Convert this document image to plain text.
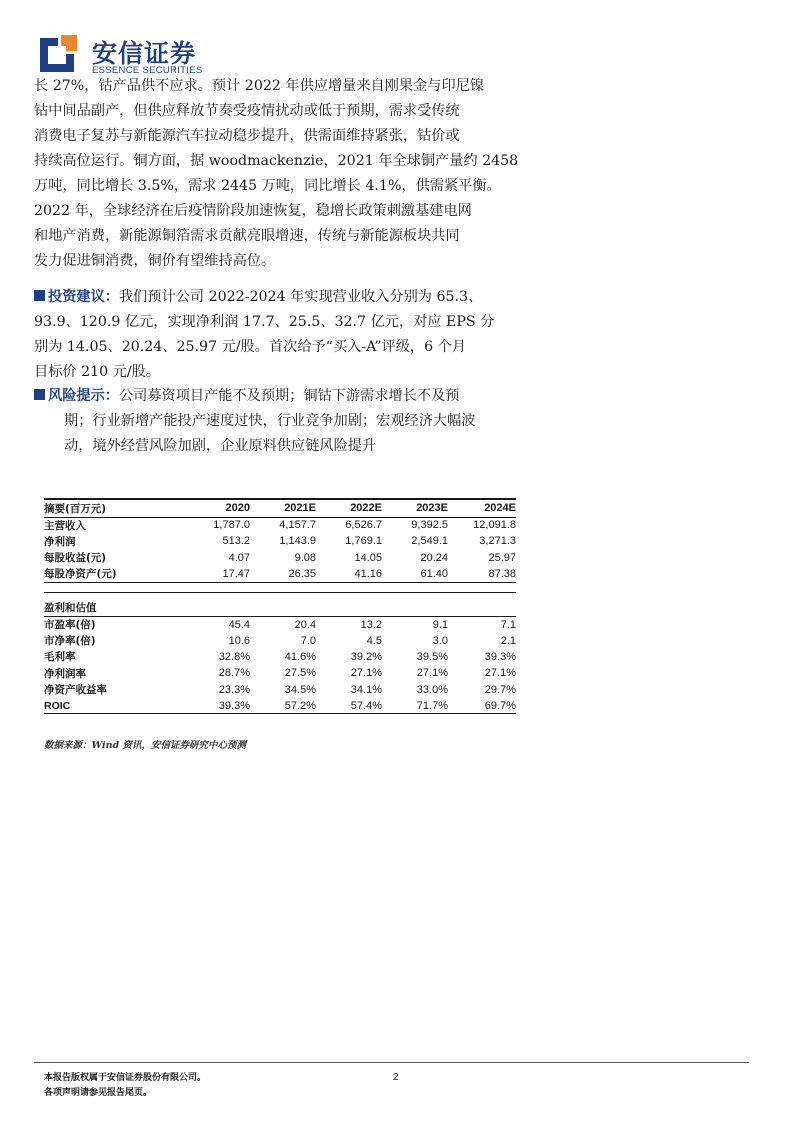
安信证券
ESSENCE SECURITIES
长 27%，钴产品供不应求。预计 2022 年供应增量来自刚果金与印尼镍
钴中间品副产，但供应释放节奏受疫情扰动或低于预期，需求受传统
消费电子复苏与新能源汽车拉动稳步提升，供需面维持紧张，钴价或
持续高位运行。铜方面，据 woodmackenzie，2021 年全球铜产量约 2458
万吨，同比增长 3.5%，需求 2445 万吨，同比增长 4.1%，供需紧平衡。
2022 年，全球经济在后疫情阶段加速恢复，稳增长政策刺激基建电网
和地产消费，新能源铜箔需求贡献亮眼增速，传统与新能源板块共同
发力促进铜消费，铜价有望维持高位。
投资建议：我们预计公司 2022-2024 年实现营业收入分别为 65.3、
93.9、120.9 亿元，实现净利润 17.7、25.5、32.7 亿元，对应 EPS 分
别为 14.05、20.24、25.97 元/股。首次给予“买入-A”评级，6 个月
目标价 210 元/股。
风险提示：公司募资项目产能不及预期；铜钴下游需求增长不及预
期；行业新增产能投产速度过快，行业竞争加剧；宏观经济大幅波
动，境外经营风险加剧，企业原料供应链风险提升
摘要(百万元)	2020	2021E	2022E	2023E	2024E
主营收入	1,787.0	4,157.7	6,526.7	9,392.5	12,091.8
净利润	513.2	1,143.9	1,769.1	2,549.1	3,271.3
每股收益(元)	4.07	9.08	14.05	20.24	25.97
每股净资产(元)	17.47	26.35	41.16	61.40	87.38

盈利和估值					
市盈率(倍)	45.4	20.4	13.2	9.1	7.1
市净率(倍)	10.6	7.0	4.5	3.0	2.1
毛利率	32.8%	41.6%	39.2%	39.5%	39.3%
净利润率	28.7%	27.5%	27.1%	27.1%	27.1%
净资产收益率	23.3%	34.5%	34.1%	33.0%	29.7%
ROIC	39.3%	57.2%	57.4%	71.7%	69.7%
数据来源：Wind 资讯，安信证券研究中心预测
本报告版权属于安信证券股份有限公司。
各项声明请参见报告尾页。
2
